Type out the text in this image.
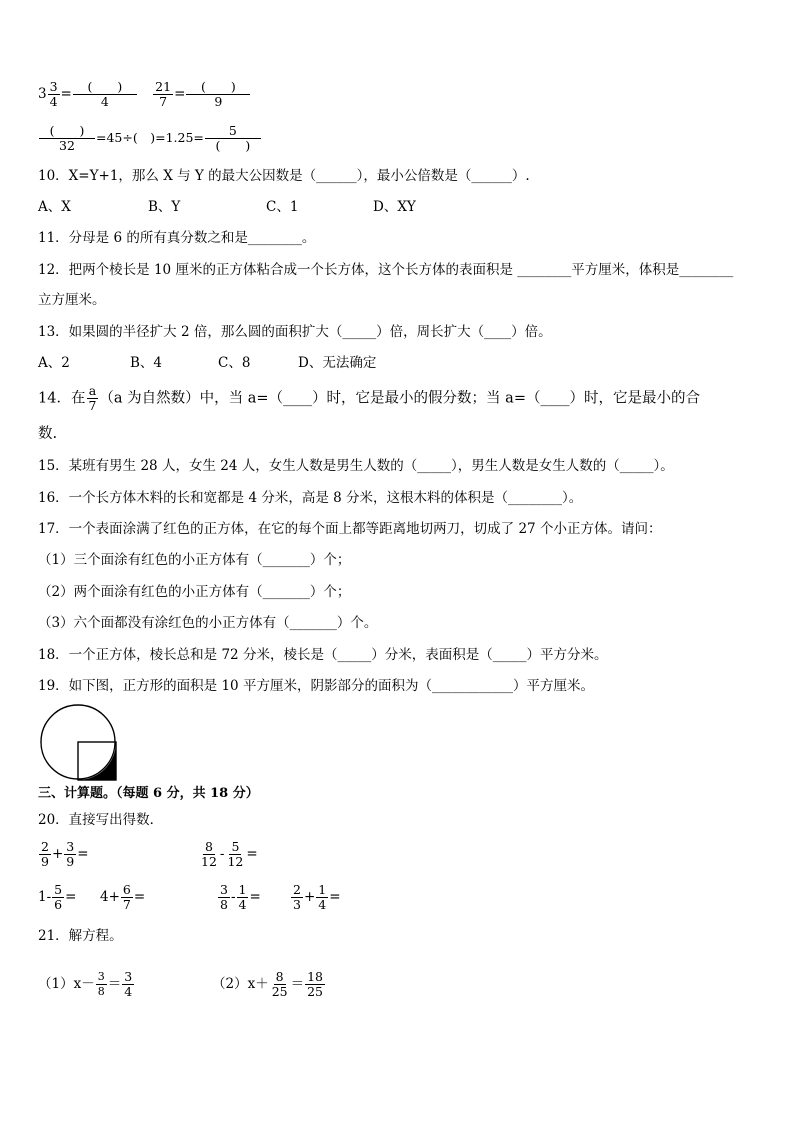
$3 \frac{3}{4} = \frac{( )}{4}$
$\frac{21}{7} = \frac{( )}{9}$
$\frac{( )}{32} =45\div$(　)$=1.25= \frac{5}{( )}$
10．X=Y+1，那么 X 与 Y 的最大公因数是（______），最小公倍数是（______）.
A、X	B、Y	C、1	D、XY
11．分母是 6 的所有真分数之和是________。
12．把两个棱长是 10 厘米的正方体粘合成一个长方体，这个长方体的表面积是 ________平方厘米，体积是________
立方厘米。
13．如果圆的半径扩大 2 倍，那么圆的面积扩大（_____）倍，周长扩大（____）倍。
A、2	B、4	C、8	D、无法确定
14．在 $\frac{a}{7} (a$ 为自然数）中，当 a=（____）时，它是最小的假分数；当 a=（____）时，它是最小的合
数.
15．某班有男生 28 人，女生 24 人，女生人数是男生人数的（_____），男生人数是女生人数的（_____）。
16．一个长方体木料的长和宽都是 4 分米，高是 8 分米，这根木料的体积是（________）。
17．一个表面涂满了红色的正方体，在它的每个面上都等距离地切两刀，切成了 27 个小正方体。请问：
（1）三个面涂有红色的小正方体有（_______）个；
（2）两个面涂有红色的小正方体有（_______）个；
（3）六个面都没有涂红色的小正方体有（_______）个。
18．一个正方体，棱长总和是 72 分米，棱长是（_____）分米，表面积是（_____）平方分米。
19．如下图，正方形的面积是 10 平方厘米，阴影部分的面积为（____________）平方厘米。
三、计算题。（每题 6 分，共 18 分）
20．直接写出得数．
$\frac{2}{9} + \frac{3}{9}$ =	$\frac{8}{12} - \frac{5}{12}$ =
$1- \frac{5}{6} = 4+ \frac{6}{7}$ =	$\frac{3}{8} - \frac{1}{4} = \frac{2}{3} + \frac{1}{4}$ =
21．解方程。
$(1)x- \frac{3}{8} = \frac{3}{4}$	$(2)x+ \frac{8}{25} = \frac{18}{25}$
